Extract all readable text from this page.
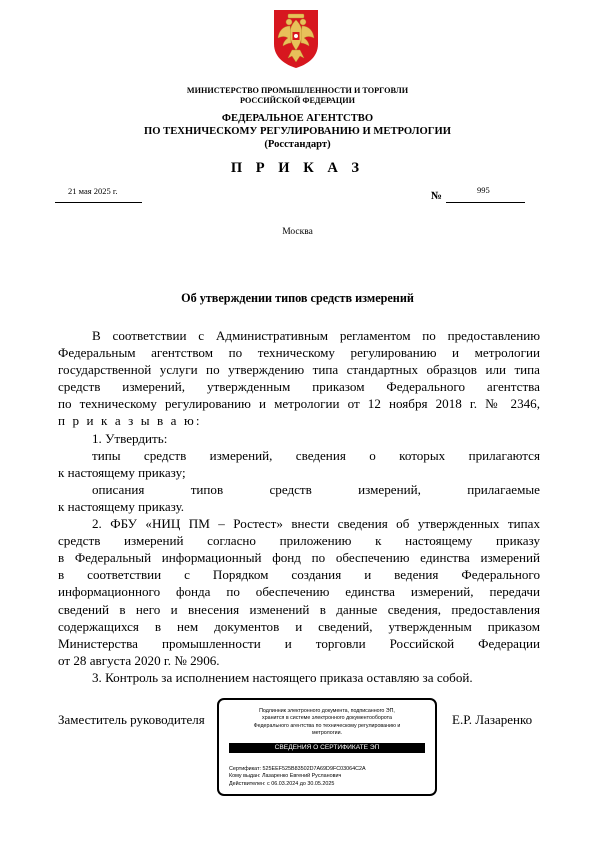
МИНИСТЕРСТВО ПРОМЫШЛЕННОСТИ И ТОРГОВЛИ
РОССИЙСКОЙ ФЕДЕРАЦИИ
ФЕДЕРАЛЬНОЕ АГЕНТСТВО
ПО ТЕХНИЧЕСКОМУ РЕГУЛИРОВАНИЮ И МЕТРОЛОГИИ
(Росстандарт)
П Р И К А З
21 мая 2025 г.	№	995
Москва
Об утверждении типов средств измерений

В соответствии с Административным регламентом по предоставлению

Федеральным агентством по техническому регулированию и метрологии

государственной услуги по утверждению типа стандартных образцов или типа

средств измерений, утвержденным приказом Федерального агентства

по техническому регулированию и метрологии от 12 ноября 2018 г. № 2346,

п р и к а з ы в а ю:

1. Утвердить:

типы средств измерений, сведения о которых прилагаются

к настоящему приказу;

описания типов средств измерений, прилагаемые

к настоящему приказу.

2. ФБУ «НИЦ ПМ – Ростест» внести сведения об утвержденных типах

средств измерений согласно приложению к настоящему приказу

в Федеральный информационный фонд по обеспечению единства измерений

в соответствии с Порядком создания и ведения Федерального

информационного фонда по обеспечению единства измерений, передачи

сведений в него и внесения изменений в данные сведения, предоставления

содержащихся в нем документов и сведений, утвержденным приказом

Министерства промышленности и торговли Российской Федерации

от 28 августа 2020 г. № 2906.

3. Контроль за исполнением настоящего приказа оставляю за собой.

Заместитель руководителя	Е.Р. Лазаренко
Подлинник электронного документа, подписанного ЭП,
хранится в системе электронного документооборота
Федерального агентства по техническому регулированию и
метрологии.
СВЕДЕНИЯ О СЕРТИФИКАТЕ ЭП
Сертификат: 525EEF525B83502D7A69D9FC03064C2A
Кому выдан: Лазаренко Евгений Русланович
Действителен: с 06.03.2024 до 30.05.2025
